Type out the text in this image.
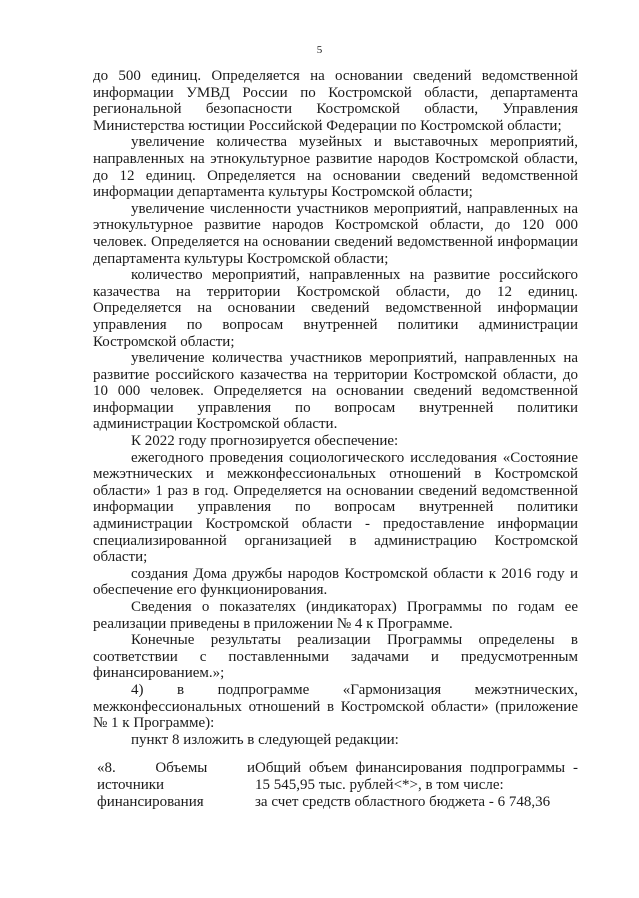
5

до 500 единиц. Определяется на основании сведений ведомственной информации УМВД России по Костромской области, департамента региональной безопасности Костромской области, Управления Министерства юстиции Российской Федерации по Костромской области;

увеличение количества музейных и выставочных мероприятий, направленных на этнокультурное развитие народов Костромской области, до 12 единиц. Определяется на основании сведений ведомственной информации департамента культуры Костромской области;

увеличение численности участников мероприятий, направленных на этнокультурное развитие народов Костромской области, до 120 000 человек. Определяется на основании сведений ведомственной информации департамента культуры Костромской области;

количество мероприятий, направленных на развитие российского казачества на территории Костромской области, до 12 единиц. Определяется на основании сведений ведомственной информации управления по вопросам внутренней политики администрации Костромской области;

увеличение количества участников мероприятий, направленных на развитие российского казачества на территории Костромской области, до 10 000 человек. Определяется на основании сведений ведомственной информации управления по вопросам внутренней политики администрации Костромской области.

К 2022 году прогнозируется обеспечение:

ежегодного проведения социологического исследования «Состояние межэтнических и межконфессиональных отношений в Костромской области» 1 раз в год. Определяется на основании сведений ведомственной информации управления по вопросам внутренней политики администрации Костромской области - предоставление информации специализированной организацией в администрацию Костромской области;

создания Дома дружбы народов Костромской области к 2016 году и обеспечение его функционирования.

Сведения о показателях (индикаторах) Программы по годам ее реализации приведены в приложении № 4 к Программе.

Конечные результаты реализации Программы определены в соответствии с поставленными задачами и предусмотренным финансированием.»;

4) в подпрограмме «Гармонизация межэтнических, межконфессиональных отношений в Костромской области» (приложение № 1 к Программе):

пункт 8 изложить в следующей редакции:

«8.	Объемы	и
источники
финансирования
Общий объем финансирования подпрограммы - 15 545,95 тыс. рублей<*>, в том числе:
за счет средств областного бюджета - 6 748,36
